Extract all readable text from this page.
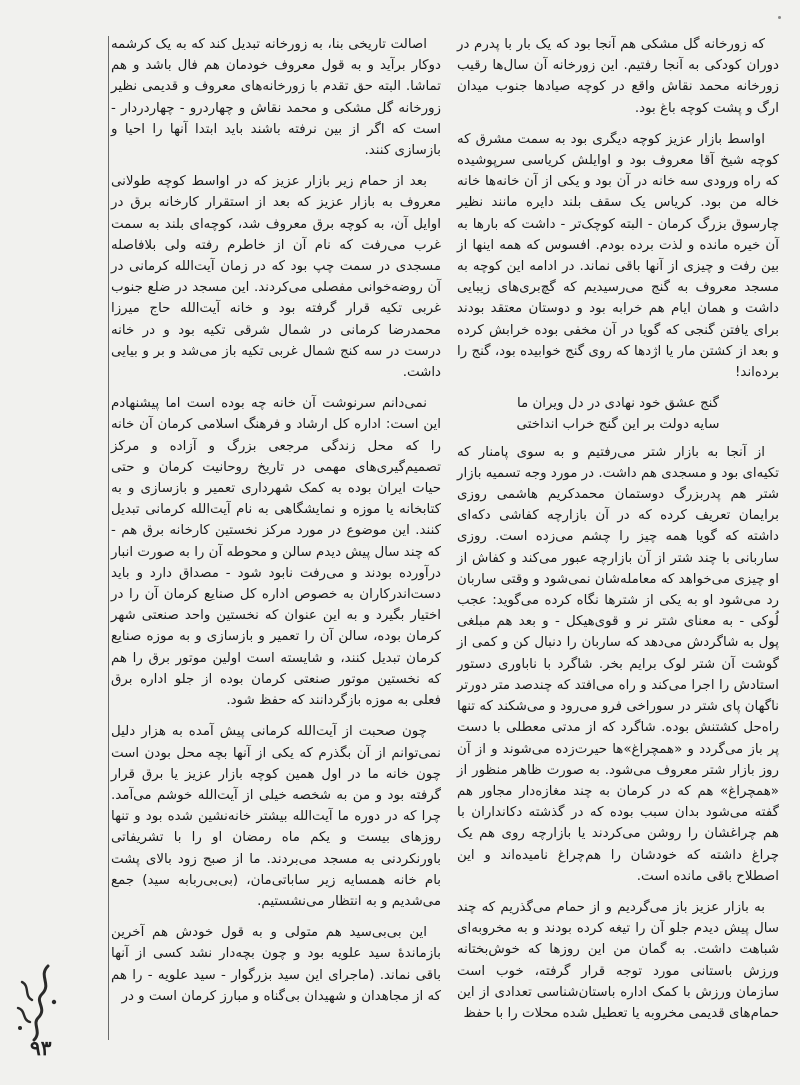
که زورخانه گل مشکی هم آنجا بود که یک بار با پدرم در دوران کودکی به آنجا رفتیم. این زورخانه آن سال‌ها رقیب زورخانه محمد نقاش واقع در کوچه صیادها جنوب میدان ارگ و پشت کوچه باغ بود.

اواسط بازار عزیز کوچه دیگری بود به سمت مشرق که کوچه شیخ آقا معروف بود و اوایلش کریاسی سرپوشیده که راه ورودی سه خانه در آن بود و یکی از آن خانه‌ها خانه خاله من بود. کریاس یک سقف بلند دایره مانند نظیر چارسوق بزرگ کرمان - البته کوچک‌تر - داشت که بارها به آن خیره مانده و لذت برده بودم. افسوس که همه اینها از بین رفت و چیزی از آنها باقی نماند. در ادامه این کوچه به مسجد معروف به گنج می‌رسیدیم که گچ‌بری‌های زیبایی داشت و همان ایام هم خرابه بود و دوستان معتقد بودند برای یافتن گنجی که گویا در آن مخفی بوده خرابش کرده و بعد از کشتن مار یا اژدها که روی گنج خوابیده بود، گنج را برده‌اند!

گنج عشق خود نهادی در دل ویران ما

سایه دولت بر این گنج خراب انداختی

از آنجا به بازار شتر می‌رفتیم و به سوی پامنار که تکیه‌ای بود و مسجدی هم داشت. در مورد وجه تسمیه بازار شتر هم پدربزرگ دوستمان محمدکریم هاشمی روزی برایمان تعریف کرده که در آن بازارچه کفاشی دکه‌ای داشته که گویا همه چیز را چشم می‌زده است. روزی ساربانی با چند شتر از آن بازارچه عبور می‌کند و کفاش از او چیزی می‌خواهد که معامله‌شان نمی‌شود و وقتی ساربان رد می‌شود او به یکی از شترها نگاه کرده می‌گوید: عجب لُوکی - به معنای شتر نر و قوی‌هیکل - و بعد هم مبلغی پول به شاگردش می‌دهد که ساربان را دنبال کن و کمی از گوشت آن شتر لوک برایم بخر. شاگرد با ناباوری دستور استادش را اجرا می‌کند و راه می‌افتد که چندصد متر دورتر ناگهان پای شتر در سوراخی فرو می‌رود و می‌شکند که تنها راه‌حل کشتنش بوده. شاگرد که از مدتی معطلی با دست پر باز می‌گردد و «همچراغ»ها حیرت‌زده می‌شوند و از آن روز بازار شتر معروف می‌شود. به صورت ظاهر منظور از «همچراغ» هم که در کرمان به چند مغازه‌دار مجاور هم گفته می‌شود بدان سبب بوده که در گذشته دکانداران با هم چراغشان را روشن می‌کردند یا بازارچه روی هم یک چراغ داشته که خودشان را هم‌چراغ نامیده‌اند و این اصطلاح باقی مانده است.

به بازار عزیز باز می‌گردیم و از حمام می‌گذریم که چند سال پیش دیدم جلو آن را تیغه کرده بودند و به مخروبه‌ای شباهت داشت. به گمان من این روزها که خوش‌بختانه ورزش باستانی مورد توجه قرار گرفته، خوب است سازمان ورزش با کمک اداره باستان‌شناسی تعدادی از این حمام‌های قدیمی مخروبه یا تعطیل شده محلات را با حفظ

اصالت تاریخی بنا، به زورخانه تبدیل کند که به یک کرشمه دوکار برآید و به قول معروف خودمان هم فال باشد و هم تماشا. البته حق تقدم با زورخانه‌های معروف و قدیمی نظیر زورخانه گل مشکی و محمد نقاش و چهاردرو - چهاردردار - است که اگر از بین نرفته باشند باید ابتدا آنها را احیا و بازسازی کنند.

بعد از حمام زیر بازار عزیز که در اواسط کوچه طولانی معروف به بازار عزیز که بعد از استقرار کارخانه برق در اوایل آن، به کوچه برق معروف شد، کوچه‌ای بلند به سمت غرب می‌رفت که نام آن از خاطرم رفته ولی بلافاصله مسجدی در سمت چپ بود که در زمان آیت‌الله کرمانی در آن روضه‌خوانی مفصلی می‌کردند. این مسجد در ضلع جنوب غربی تکیه قرار گرفته بود و خانه آیت‌الله حاج میرزا محمدرضا کرمانی در شمال شرقی تکیه بود و در خانه درست در سه کنج شمال غربی تکیه باز می‌شد و بر و بیایی داشت.

نمی‌دانم سرنوشت آن خانه چه بوده است اما پیشنهادم این است: اداره کل ارشاد و فرهنگ اسلامی کرمان آن خانه را که محل زندگی مرجعی بزرگ و آزاده و مرکز تصمیم‌گیری‌های مهمی در تاریخ روحانیت کرمان و حتی حیات ایران بوده به کمک شهرداری تعمیر و بازسازی و به کتابخانه یا موزه و نمایشگاهی به نام آیت‌الله کرمانی تبدیل کنند. این موضوع در مورد مرکز نخستین کارخانه برق هم - که چند سال پیش دیدم سالن و محوطه آن را به صورت انبار درآورده بودند و می‌رفت نابود شود - مصداق دارد و باید دست‌اندرکاران به خصوص اداره کل صنایع کرمان آن را در اختیار بگیرد و به این عنوان که نخستین واحد صنعتی شهر کرمان بوده، سالن آن را تعمیر و بازسازی و به موزه صنایع کرمان تبدیل کنند، و شایسته است اولین موتور برق را هم که نخستین موتور صنعتی کرمان بوده از جلو اداره برق فعلی به موزه بازگردانند که حفظ شود.

چون صحبت از آیت‌الله کرمانی پیش آمده به هزار دلیل نمی‌توانم از آن بگذرم که یکی از آنها بچه محل بودن است چون خانه ما در اول همین کوچه بازار عزیز یا برق قرار گرفته بود و من به شخصه خیلی از آیت‌الله خوشم می‌آمد. چرا که در دوره ما آیت‌الله بیشتر خانه‌نشین شده بود و تنها روزهای بیست و یکم ماه رمضان او را با تشریفاتی باورنکردنی به مسجد می‌بردند. ما از صبح زود بالای پشت بام خانه همسایه زیر ساباتی‌مان، (بی‌بی‌ربابه سید) جمع می‌شدیم و به انتظار می‌نشستیم.

این بی‌بی‌سید هم متولی و به قول خودش هم آخرین بازماندهٔ سید علویه بود و چون بچه‌دار نشد کسی از آنها باقی نماند. (ماجرای این سید بزرگوار - سید علویه - را هم که از مجاهدان و شهیدان بی‌گناه و مبارز کرمان است و در

۹۳
